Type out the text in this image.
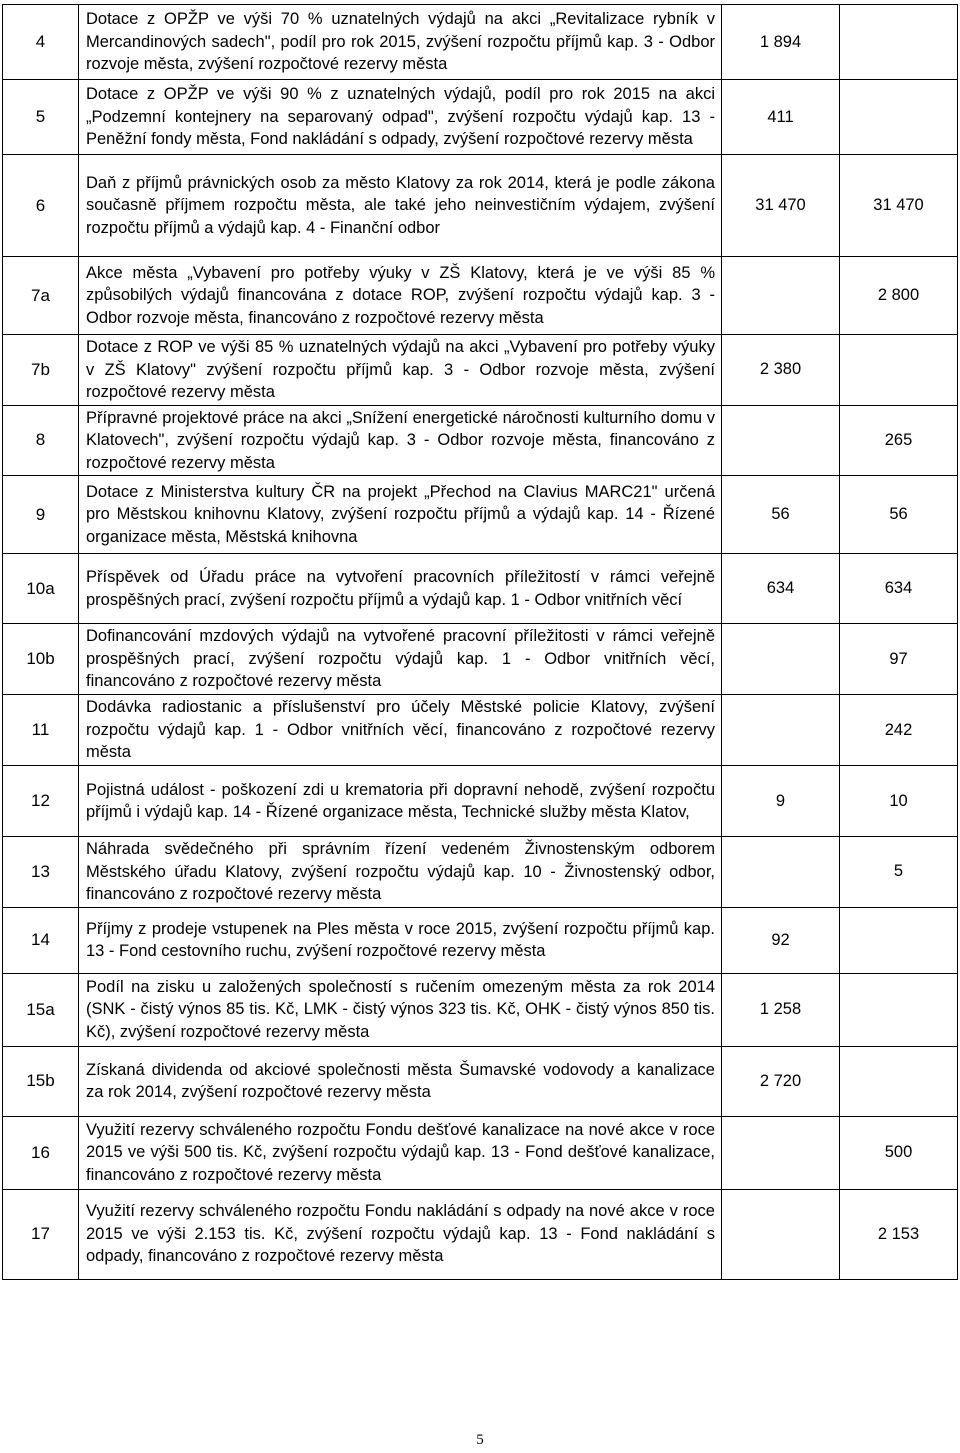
4	Dotace z OPŽP ve výši 70 % uznatelných výdajů na akci „Revitalizace rybník v Mercandinových sadech", podíl pro rok 2015, zvýšení rozpočtu příjmů kap. 3 - Odbor rozvoje města, zvýšení rozpočtové rezervy města	1 894	
5	Dotace z OPŽP ve výši 90 % z uznatelných výdajů, podíl pro rok 2015 na akci „Podzemní kontejnery na separovaný odpad", zvýšení rozpočtu výdajů kap. 13 - Peněžní fondy města, Fond nakládání s odpady, zvýšení rozpočtové rezervy města	411	
6	Daň z příjmů právnických osob za město Klatovy za rok 2014, která je podle zákona současně příjmem rozpočtu města, ale také jeho neinvestičním výdajem, zvýšení rozpočtu příjmů a výdajů kap. 4 - Finanční odbor	31 470	31 470
7a	Akce města „Vybavení pro potřeby výuky v ZŠ Klatovy, která je ve výši 85 % způsobilých výdajů financována z dotace ROP, zvýšení rozpočtu výdajů kap. 3 - Odbor rozvoje města, financováno z rozpočtové rezervy města		2 800
7b	Dotace z ROP ve výši 85 % uznatelných výdajů na akci „Vybavení pro potřeby výuky v ZŠ Klatovy" zvýšení rozpočtu příjmů kap. 3 - Odbor rozvoje města, zvýšení rozpočtové rezervy města	2 380	
8	Přípravné projektové práce na akci „Snížení energetické náročnosti kulturního domu v Klatovech", zvýšení rozpočtu výdajů kap. 3 - Odbor rozvoje města, financováno z rozpočtové rezervy města		265
9	Dotace z Ministerstva kultury ČR na projekt „Přechod na Clavius MARC21" určená pro Městskou knihovnu Klatovy, zvýšení rozpočtu příjmů a výdajů kap. 14 - Řízené organizace města, Městská knihovna	56	56
10a	Příspěvek od Úřadu práce na vytvoření pracovních příležitostí v rámci veřejně prospěšných prací, zvýšení rozpočtu příjmů a výdajů kap. 1 - Odbor vnitřních věcí	634	634
10b	Dofinancování mzdových výdajů na vytvořené pracovní příležitosti v rámci veřejně prospěšných prací, zvýšení rozpočtu výdajů kap. 1 - Odbor vnitřních věcí, financováno z rozpočtové rezervy města		97
11	Dodávka radiostanic a příslušenství pro účely Městské policie Klatovy, zvýšení rozpočtu výdajů kap. 1 - Odbor vnitřních věcí, financováno z rozpočtové rezervy města		242
12	Pojistná událost - poškození zdi u krematoria při dopravní nehodě, zvýšení rozpočtu příjmů i výdajů kap. 14 - Řízené organizace města, Technické služby města Klatov,	9	10
13	Náhrada svědečného při správním řízení vedeném Živnostenským odborem Městského úřadu Klatovy, zvýšení rozpočtu výdajů kap. 10 - Živnostenský odbor, financováno z rozpočtové rezervy města		5
14	Příjmy z prodeje vstupenek na Ples města v roce 2015, zvýšení rozpočtu příjmů kap. 13 - Fond cestovního ruchu, zvýšení rozpočtové rezervy města	92	
15a	Podíl na zisku u založených společností s ručením omezeným města za rok 2014 (SNK - čistý výnos 85 tis. Kč, LMK - čistý výnos 323 tis. Kč, OHK - čistý výnos 850 tis. Kč), zvýšení rozpočtové rezervy města	1 258	
15b	Získaná dividenda od akciové společnosti města Šumavské vodovody a kanalizace za rok 2014, zvýšení rozpočtové rezervy města	2 720	
16	Využití rezervy schváleného rozpočtu Fondu dešťové kanalizace na nové akce v roce 2015 ve výši 500 tis. Kč, zvýšení rozpočtu výdajů kap. 13 - Fond dešťové kanalizace, financováno z rozpočtové rezervy města		500
17	Využití rezervy schváleného rozpočtu Fondu nakládání s odpady na nové akce v roce 2015 ve výši 2.153 tis. Kč, zvýšení rozpočtu výdajů kap. 13 - Fond nakládání s odpady, financováno z rozpočtové rezervy města		2 153
5
